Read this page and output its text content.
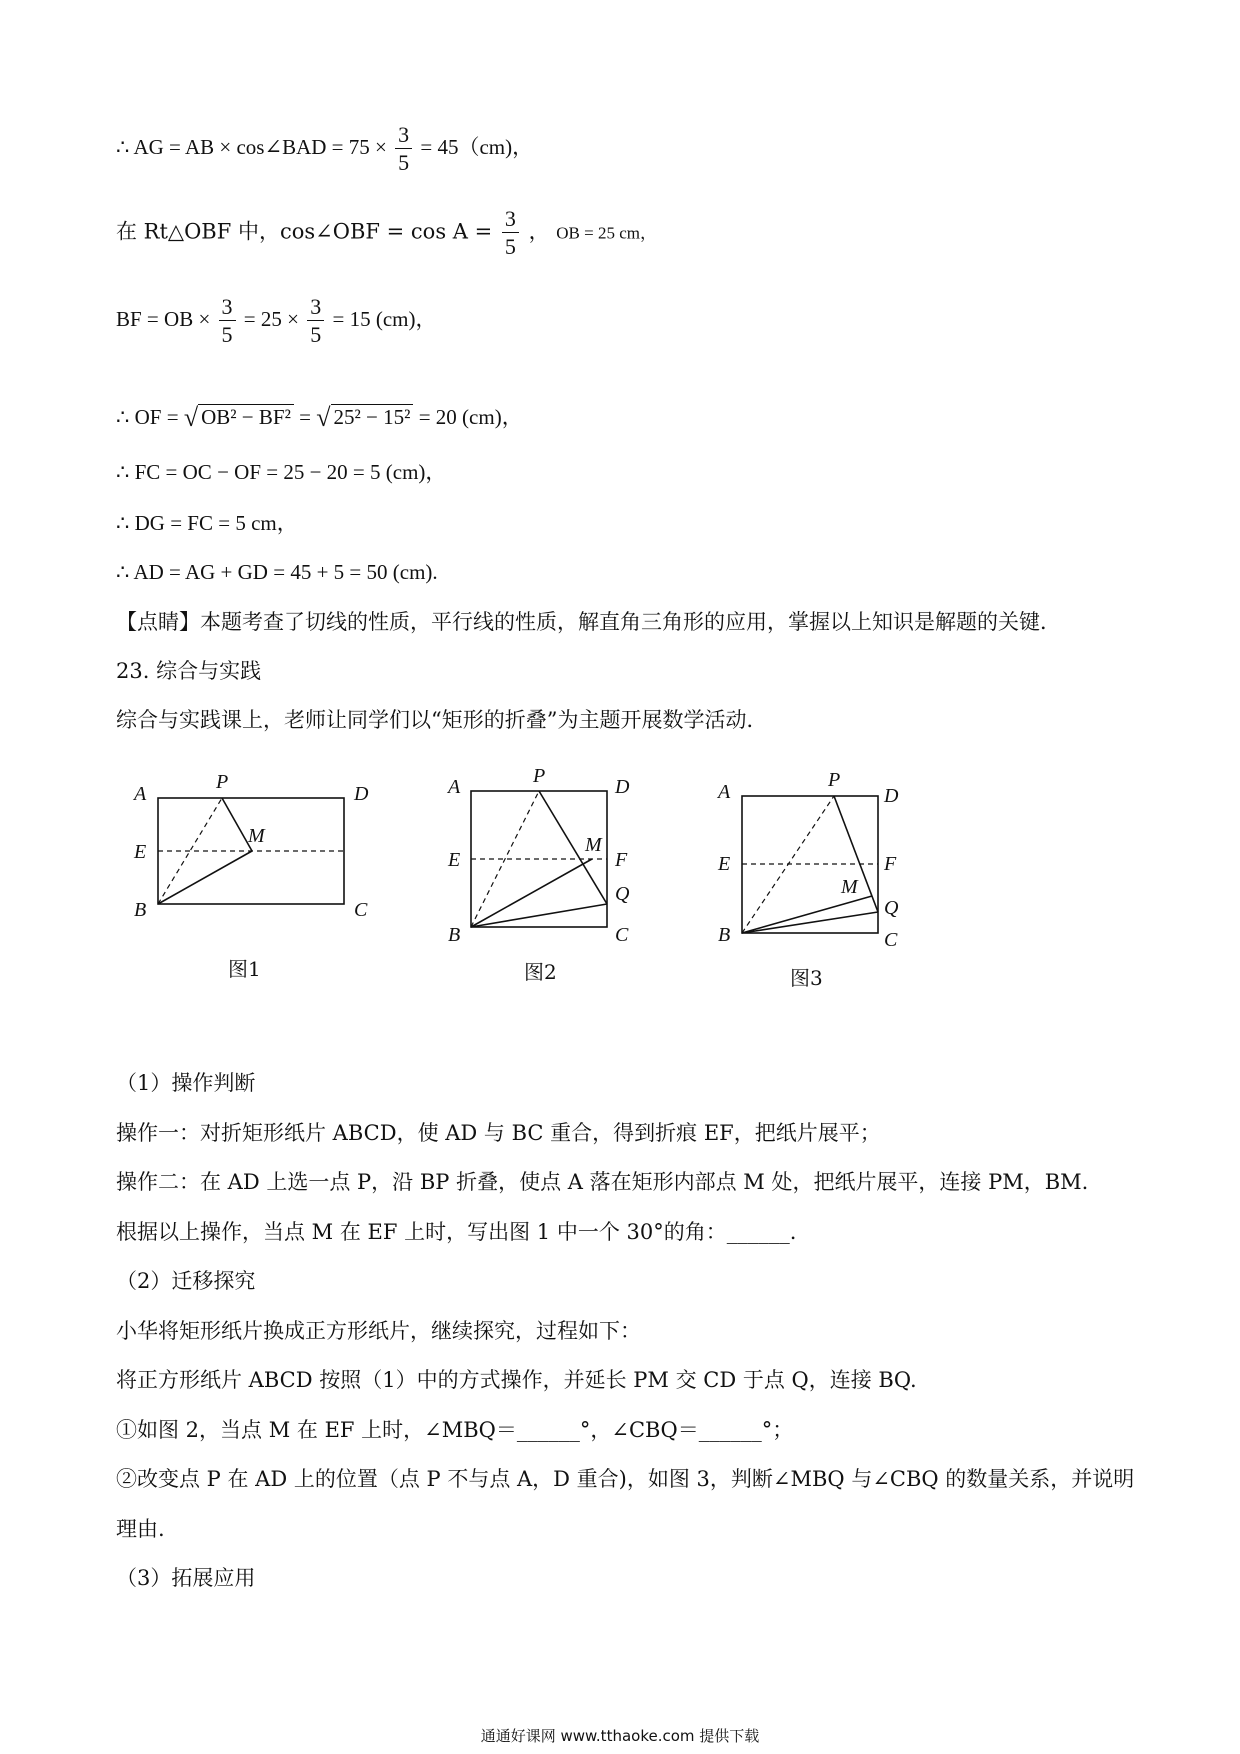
∴ AG = AB × cos∠BAD = $75 \times \frac{3}{5} = 45(cm)$，
在 Rt△OBF 中，cos∠OBF = $\cos A = \frac{3}{5}$ ， OB = 25 cm，
BF = OB × $\frac{3}{5} = 25 \times \frac{3}{5} = 15$ (cm)，
∴ OF = √ OB² − BF² = √ 25² − 15² = 20 (cm)，
∴ FC = OC − OF = 25 − 20 = 5 (cm)，
∴ DG = FC = 5 cm，
∴ AD = AG + GD = 45 + 5 = 50 (cm).
【点睛】本题考查了切线的性质，平行线的性质，解直角三角形的应用，掌握以上知识是解题的关键．
23. 综合与实践
综合与实践课上，老师让同学们以“矩形的折叠”为主题开展数学活动．
A
P
D
M
E
B	C
图1
A	P	D
M
E	F
Q
B	C
图2
A
P
D
M
E	F
Q
B	C
图3
（1）操作判断
操作一：对折矩形纸片 ABCD，使 AD 与 BC 重合，得到折痕 EF，把纸片展平；
操作二：在 AD 上选一点 P，沿 BP 折叠，使点 A 落在矩形内部点 M 处，把纸片展平，连接 PM，BM.
根据以上操作，当点 M 在 EF 上时，写出图 1 中一个 30°的角：______.
（2）迁移探究
小华将矩形纸片换成正方形纸片，继续探究，过程如下：
将正方形纸片 ABCD 按照（1）中的方式操作，并延长 PM 交 CD 于点 Q，连接 BQ.
①如图 2，当点 M 在 EF 上时，∠MBQ＝______°，∠CBQ＝______°；
②改变点 P 在 AD 上的位置（点 P 不与点 A，D 重合)，如图 3，判断∠MBQ 与∠CBQ 的数量关系，并说明
理由.
（3）拓展应用
通通好课网 www.tthaoke.com 提供下载
